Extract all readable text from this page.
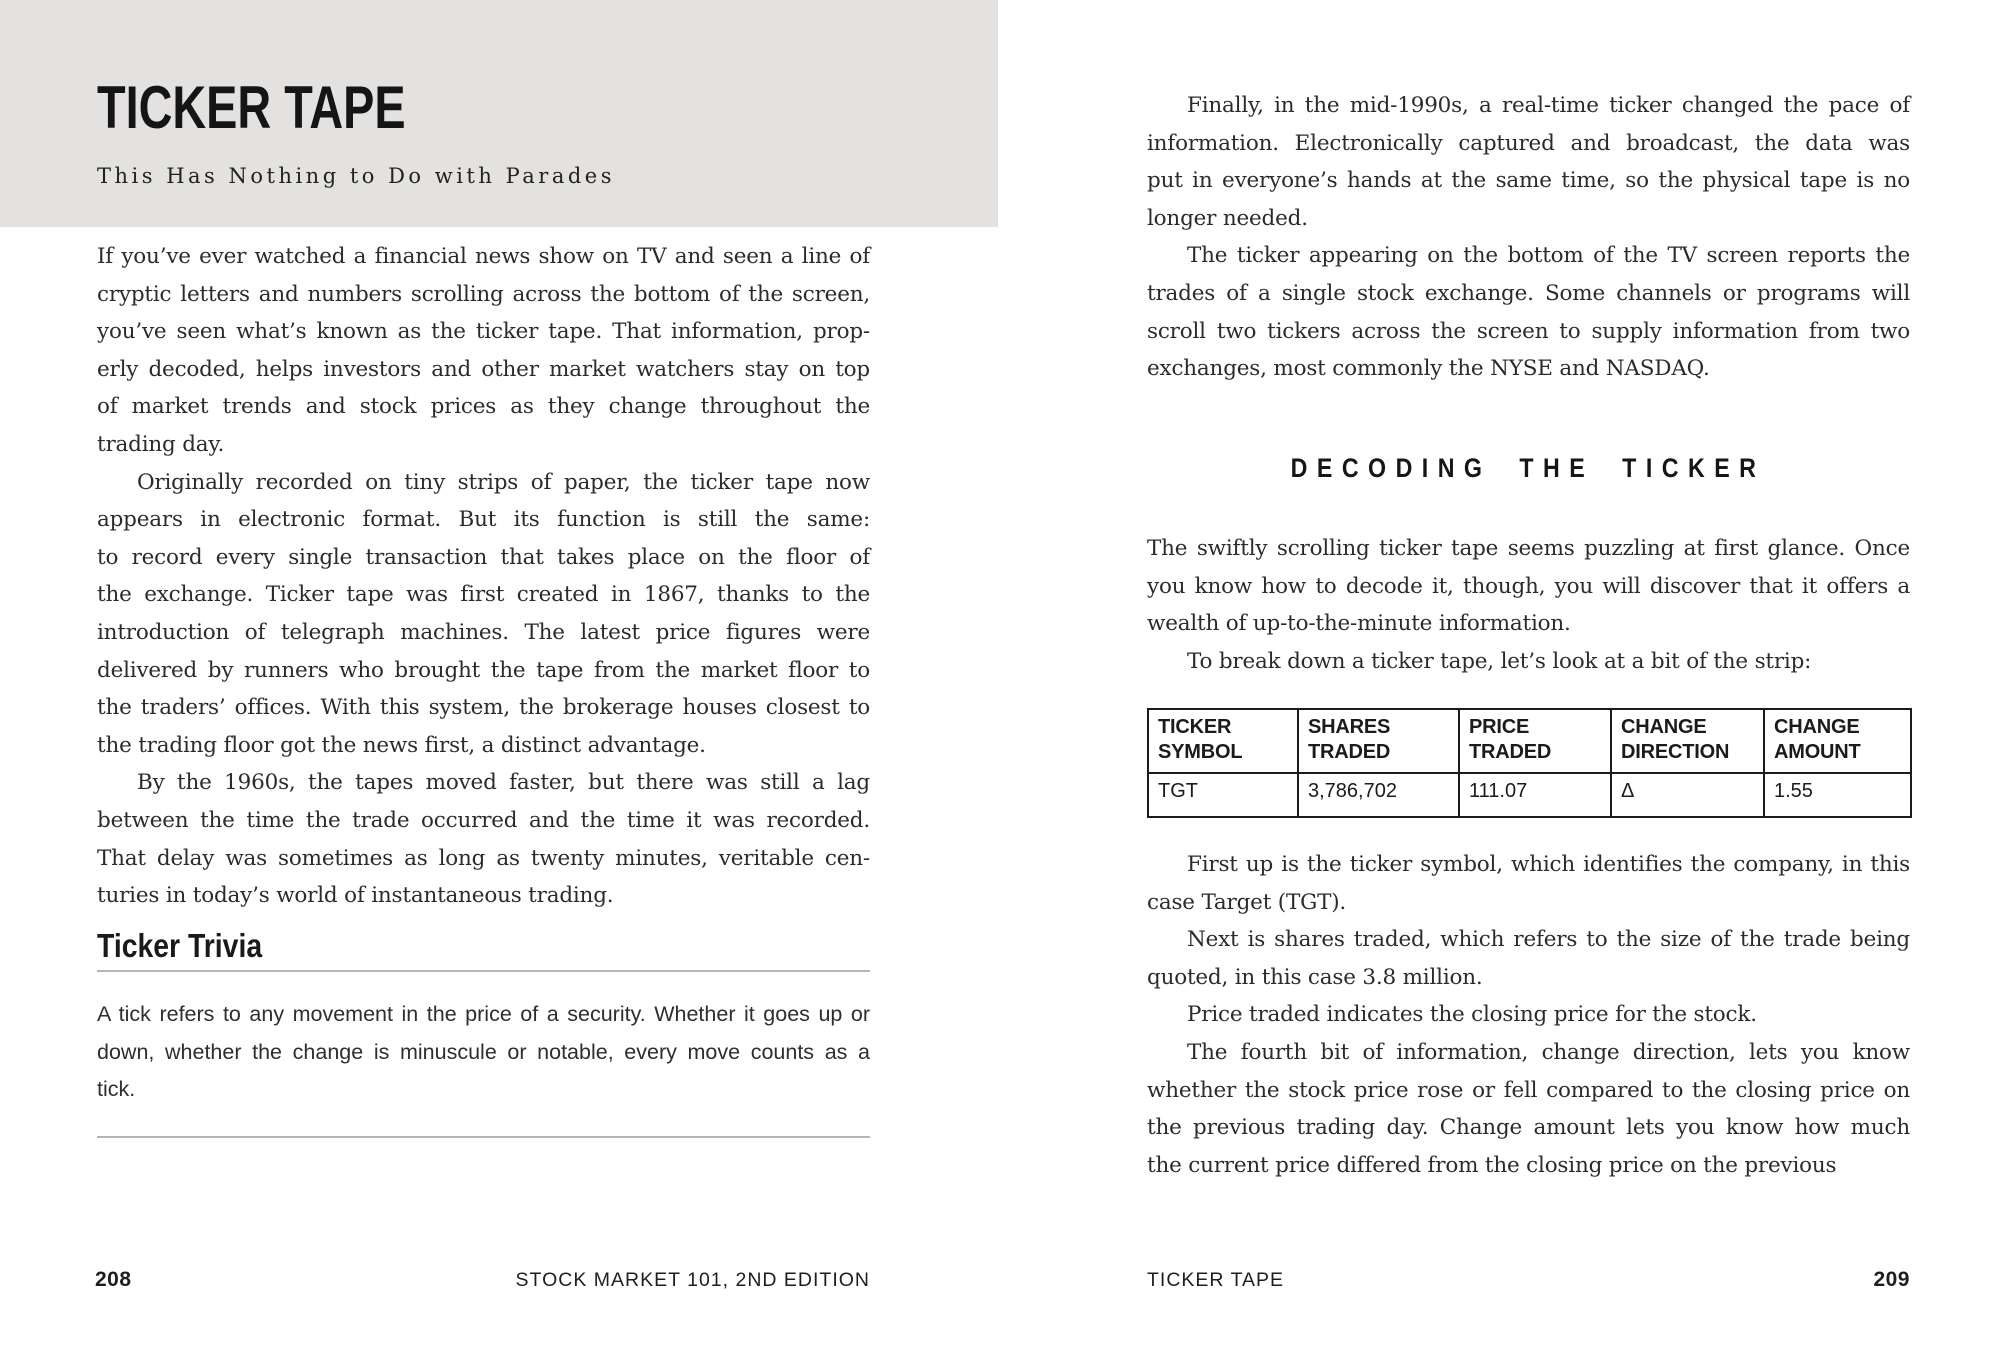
TICKER TAPE
This Has Nothing to Do with Parades
If you’ve ever watched a financial news show on TV and seen a line of
cryptic letters and numbers scrolling across the bottom of the screen,
you’ve seen what’s known as the ticker tape. That information, prop-
erly decoded, helps investors and other market watchers stay on top
of market trends and stock prices as they change throughout the
trading day.
Originally recorded on tiny strips of paper, the ticker tape now
appears in electronic format. But its function is still the same:
to record every single transaction that takes place on the floor of
the exchange. Ticker tape was first created in 1867, thanks to the
introduction of telegraph machines. The latest price figures were
delivered by runners who brought the tape from the market floor to
the traders’ offices. With this system, the brokerage houses closest to
the trading floor got the news first, a distinct advantage.
By the 1960s, the tapes moved faster, but there was still a lag
between the time the trade occurred and the time it was recorded.
That delay was sometimes as long as twenty minutes, veritable cen-
turies in today’s world of instantaneous trading.
Ticker Trivia
A tick refers to any movement in the price of a security. Whether it goes up or
down, whether the change is minuscule or notable, every move counts as a
tick.
208	STOCK MARKET 101, 2ND EDITION
Finally, in the mid-1990s, a real-time ticker changed the pace of
information. Electronically captured and broadcast, the data was
put in everyone’s hands at the same time, so the physical tape is no
longer needed.
The ticker appearing on the bottom of the TV screen reports the
trades of a single stock exchange. Some channels or programs will
scroll two tickers across the screen to supply information from two
exchanges, most commonly the NYSE and NASDAQ.
DECODING THE TICKER
The swiftly scrolling ticker tape seems puzzling at first glance. Once
you know how to decode it, though, you will discover that it offers a
wealth of up-to-the-minute information.
To break down a ticker tape, let’s look at a bit of the strip:
TICKER SYMBOL	SHARES TRADED	PRICE TRADED	CHANGE DIRECTION	CHANGE AMOUNT
TGT	3,786,702	111.07	Δ	1.55
First up is the ticker symbol, which identifies the company, in this
case Target (TGT).
Next is shares traded, which refers to the size of the trade being
quoted, in this case 3.8 million.
Price traded indicates the closing price for the stock.
The fourth bit of information, change direction, lets you know
whether the stock price rose or fell compared to the closing price on
the previous trading day. Change amount lets you know how much
the current price differed from the closing price on the previous
TICKER TAPE	209
